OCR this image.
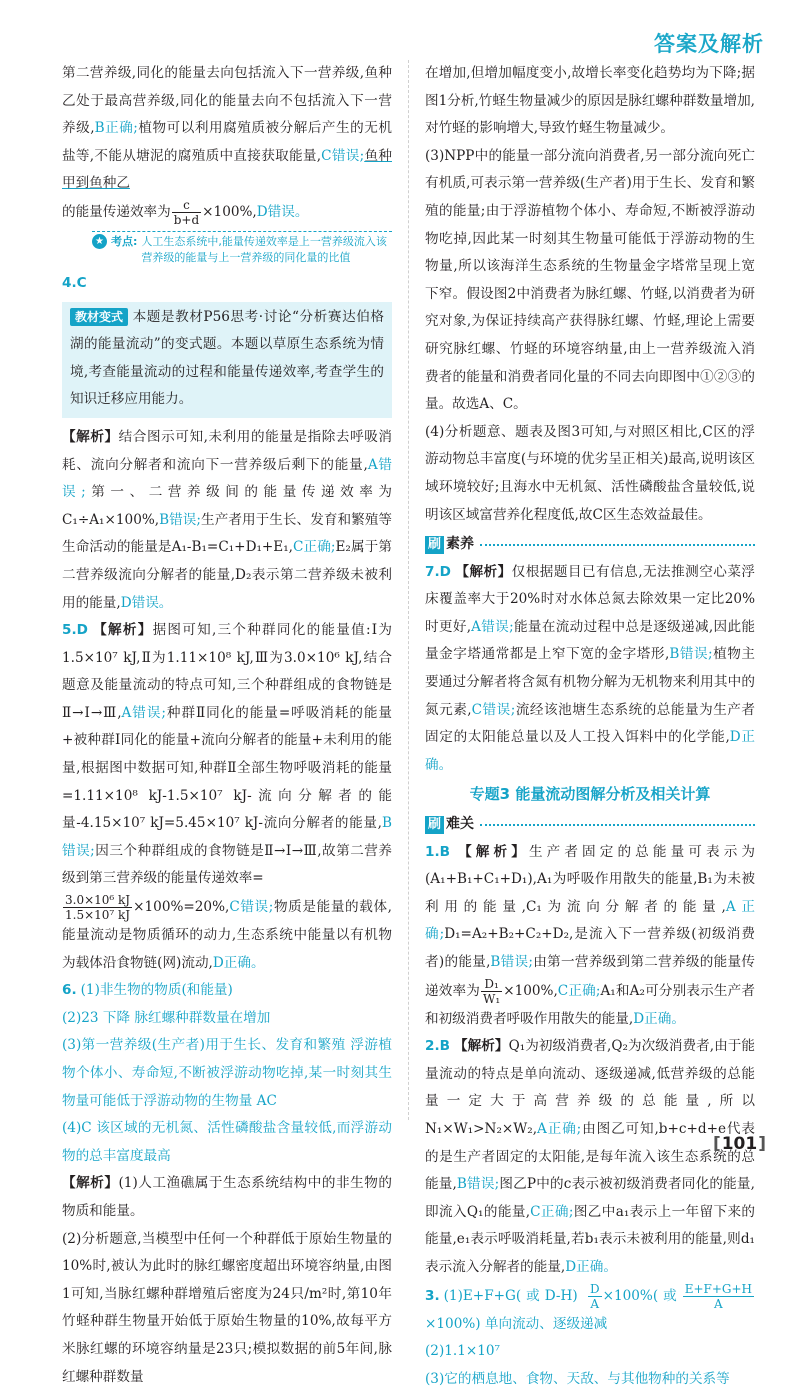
答案及解析

第二营养级,同化的能量去向包括流入下一营养级,鱼种乙处于最高营养级,同化的能量去向不包括流入下一营养级,B正确;植物可以利用腐殖质被分解后产生的无机盐等,不能从塘泥的腐殖质中直接获取能量,C错误;鱼种甲到鱼种乙
的能量传递效率为 $\frac{c}{b+d} \times 100\%,D$错误。

★ 考点: 人工生态系统中,能量传递效率是上一营养级流入该营养级的能量与上一营养级的同化量的比值

4.C

教材变式 本题是教材P56思考·讨论“分析赛达伯格湖的能量流动”的变式题。本题以草原生态系统为情境,考查能量流动的过程和能量传递效率,考查学生的知识迁移应用能力。

【解析】结合图示可知,未利用的能量是指除去呼吸消耗、流向分解者和流向下一营养级后剩下的能量,A错误;第一、二营养级间的能量传递效率为C₁÷A₁×100%,B错误;生产者用于生长、发育和繁殖等生命活动的能量是A₁-B₁=C₁+D₁+E₁,C正确;E₂属于第二营养级流向分解者的能量,D₂表示第二营养级未被利用的能量,D错误。

5.D 【解析】据图可知,三个种群同化的能量值:Ⅰ为1.5×10⁷ kJ,Ⅱ为1.11×10⁸ kJ,Ⅲ为3.0×10⁶ kJ,结合题意及能量流动的特点可知,三个种群组成的食物链是Ⅱ→Ⅰ→Ⅲ,A错误;种群Ⅱ同化的能量=呼吸消耗的能量+被种群Ⅰ同化的能量+流向分解者的能量+未利用的能量,根据图中数据可知,种群Ⅱ全部生物呼吸消耗的能量=1.11×10⁸ kJ-1.5×10⁷ kJ-流向分解者的能量-4.15×10⁷ kJ=5.45×10⁷ kJ-流向分解者的能量,B错误;因三个种群组成的食物链是Ⅱ→Ⅰ→Ⅲ,故第二营养级到第三营养级的能量传递效率=

$\frac{\text{3.0×10⁶ kJ}}{\text{1.5×10⁷ kJ}} \times 100\%=20\%,C$错误;物质是能量的载体,能量流动是物质循环的动力,生态系统中能量以有机物为载体沿食物链(网)流动,D正确。

6. (1)非生物的物质(和能量)

(2)23 下降 脉红螺种群数量在增加

(3)第一营养级(生产者)用于生长、发育和繁殖 浮游植物个体小、寿命短,不断被浮游动物吃掉,某一时刻其生物量可能低于浮游动物的生物量 AC

(4)C 该区域的无机氮、活性磷酸盐含量较低,而浮游动物的总丰富度最高

【解析】(1)人工渔礁属于生态系统结构中的非生物的物质和能量。

(2)分析题意,当模型中任何一个种群低于原始生物量的10%时,被认为此时的脉红螺密度超出环境容纳量,由图1可知,当脉红螺种群增殖后密度为24只/m²时,第10年竹蛏种群生物量开始低于原始生物量的10%,故每平方米脉红螺的环境容纳量是23只;模拟数据的前5年间,脉红螺种群数量

在增加,但增加幅度变小,故增长率变化趋势均为下降;据图1分析,竹蛏生物量减少的原因是脉红螺种群数量增加,对竹蛏的影响增大,导致竹蛏生物量减少。

(3)NPP中的能量一部分流向消费者,另一部分流向死亡有机质,可表示第一营养级(生产者)用于生长、发育和繁殖的能量;由于浮游植物个体小、寿命短,不断被浮游动物吃掉,因此某一时刻其生物量可能低于浮游动物的生物量,所以该海洋生态系统的生物量金字塔常呈现上宽下窄。假设图2中消费者为脉红螺、竹蛏,以消费者为研究对象,为保证持续高产获得脉红螺、竹蛏,理论上需要研究脉红螺、竹蛏的环境容纳量,由上一营养级流入消费者的能量和消费者同化量的不同去向即图中①②③的量。故选A、C。

(4)分析题意、题表及图3可知,与对照区相比,C区的浮游动物总丰富度(与环境的优劣呈正相关)最高,说明该区域环境较好;且海水中无机氮、活性磷酸盐含量较低,说明该区域富营养化程度低,故C区生态效益最佳。

刷 素养

7.D 【解析】仅根据题目已有信息,无法推测空心菜浮床覆盖率大于20%时对水体总氮去除效果一定比20%时更好,A错误;能量在流动过程中总是逐级递减,因此能量金字塔通常都是上窄下宽的金字塔形,B错误;植物主要通过分解者将含氮有机物分解为无机物来利用其中的氮元素,C错误;流经该池塘生态系统的总能量为生产者固定的太阳能总量以及人工投入饵料中的化学能,D正确。

专题3 能量流动图解分析及相关计算
刷 难关

1.B 【解析】生产者固定的总能量可表示为(A₁+B₁+C₁+D₁),A₁为呼吸作用散失的能量,B₁为未被利用的能量,C₁为流向分解者的能量,A正确;D₁=A₂+B₂+C₂+D₂,是流入下一营养级(初级消费者)的能量,B错误;由第一营养级到第二营养级的能量传递效率为 $\frac{\text{D₁}}{\text{W₁}} \times 100\%,C$正确;A₁和A₂可分别表示生产者和初级消费者呼吸作用散失的能量,D正确。

2.B 【解析】Q₁为初级消费者,Q₂为次级消费者,由于能量流动的特点是单向流动、逐级递减,低营养级的总能量一定大于高营养级的总能量,所以N₁×W₁>N₂×W₂,A正确;由图乙可知,b+c+d+e代表的是生产者固定的太阳能,是每年流入该生态系统的总能量,B错误;图乙P中的c表示被初级消费者同化的能量,即流入Q₁的能量,C正确;图乙中a₁表示上一年留下来的能量,e₁表示呼吸消耗量,若b₁表示未被利用的能量,则d₁表示流入分解者的能量,D正确。

3. (1)E+F+G(或$D-H) \frac{D}{A} \times 100\%$(或 $\frac{E+F+G+H}{A}$
×100%) 单向流动、逐级递减

(2)1.1×10⁷

(3)它的栖息地、食物、天敌、与其他物种的关系等

[ 101 ]
